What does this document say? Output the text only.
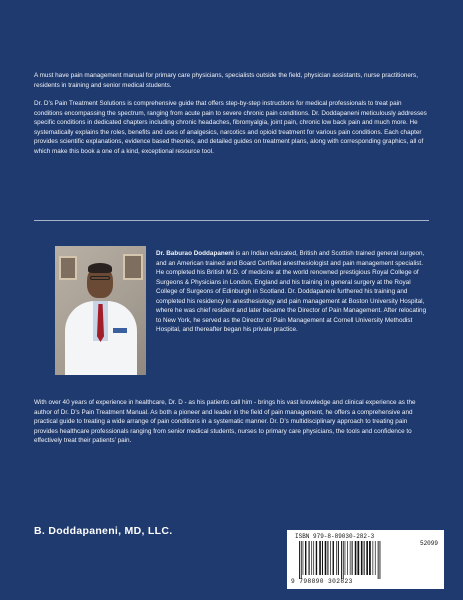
A must have pain management manual for primary care physicians, specialists outside the field, physician assistants, nurse practitioners, residents in training and senior medical students.

Dr. D’s Pain Treatment Solutions is comprehensive guide that offers step-by-step instructions for medical professionals to treat pain conditions encompassing the spectrum, ranging from acute pain to severe chronic pain conditions. Dr. Doddapaneni meticulously addresses specific conditions in dedicated chapters including chronic headaches, fibromyalgia, joint pain, chronic low back pain and much more. He systematically explains the roles, benefits and uses of analgesics, narcotics and opioid treatment for various pain conditions. Each chapter provides scientific explanations, evidence based theories, and detailed guides on treatment plans, along with corresponding graphics, all of which make this book a one of a kind, exceptional resource tool.

Dr. Baburao Doddapaneni is an Indian educated, British and Scottish trained general surgeon, and an American trained and Board Certified anesthesiologist and pain management specialist. He completed his British M.D. of medicine at the world renowned prestigious Royal College of Surgeons & Physicians in London, England and his training in general surgery at the Royal College of Surgeons of Edinburgh in Scotland. Dr. Doddapaneni furthered his training and completed his residency in anesthesiology and pain management at Boston University Hospital, where he was chief resident and later became the Director of Pain Management. After relocating to New York, he served as the Director of Pain Management at Cornell University Methodist Hospital, and thereafter began his private practice.

With over 40 years of experience in healthcare, Dr. D - as his patients call him - brings his vast knowledge and clinical experience as the author of Dr. D’s Pain Treatment Manual. As both a pioneer and leader in the field of pain management, he offers a comprehensive and practical guide to treating a wide arrange of pain conditions in a systematic manner. Dr. D’s multidisciplinary approach to treating pain provides healthcare professionals ranging from senior medical students, nurses to primary care physicians, the tools and confidence to effectively treat their patients’ pain.

B. Doddapaneni, MD, LLC.	ISBN 979-8-89030-282-3
52099
9 798890 302823
